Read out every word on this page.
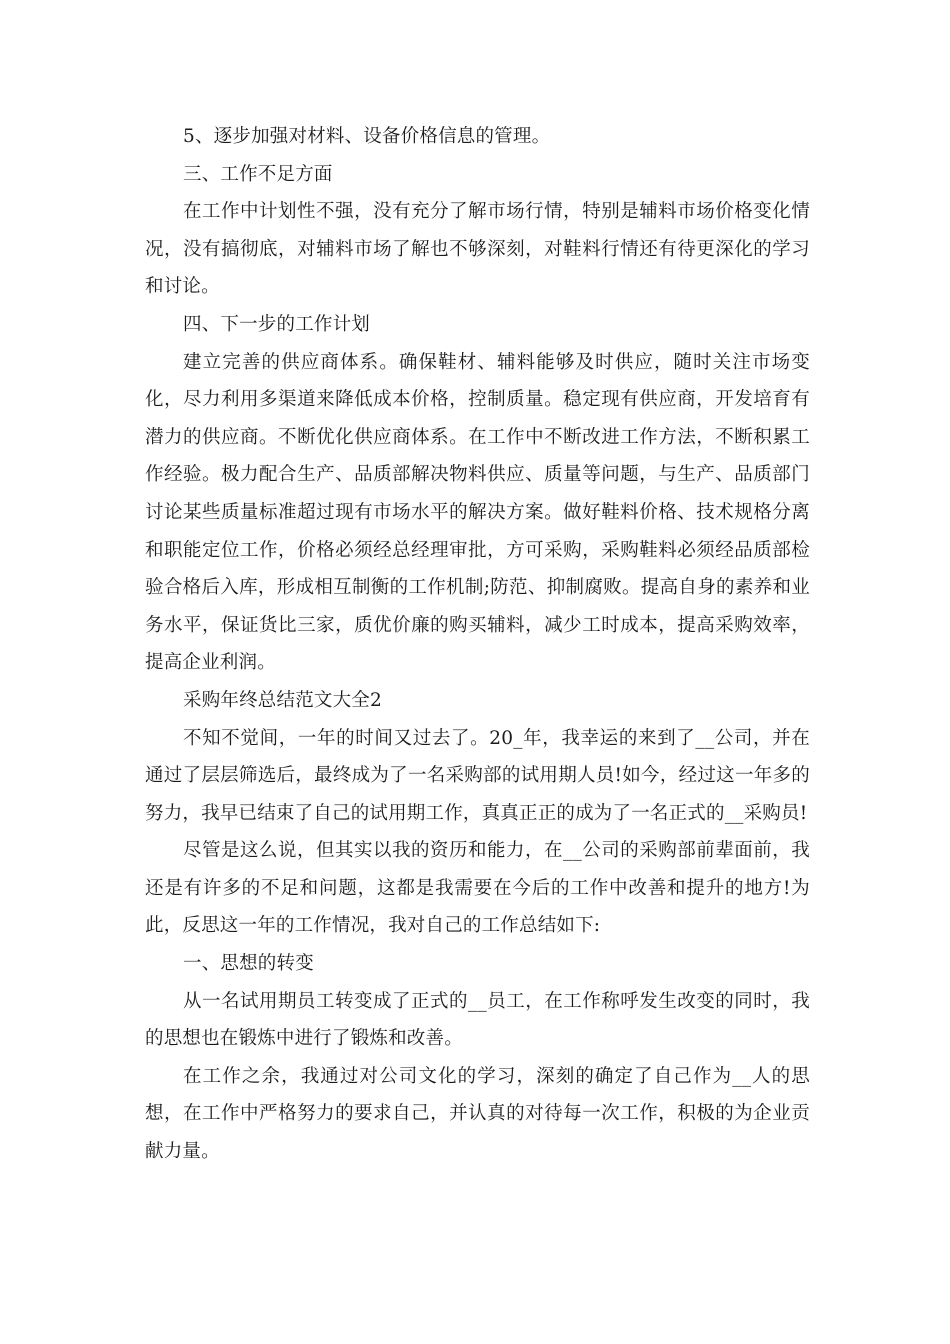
5、逐步加强对材料、设备价格信息的管理。

三、工作不足方面

在工作中计划性不强，没有充分了解市场行情，特别是辅料市场价格变化情况，没有搞彻底，对辅料市场了解也不够深刻，对鞋料行情还有待更深化的学习和讨论。

四、下一步的工作计划

建立完善的供应商体系。确保鞋材、辅料能够及时供应，随时关注市场变化，尽力利用多渠道来降低成本价格，控制质量。稳定现有供应商，开发培育有潜力的供应商。不断优化供应商体系。在工作中不断改进工作方法，不断积累工作经验。极力配合生产、品质部解决物料供应、质量等问题，与生产、品质部门讨论某些质量标准超过现有市场水平的解决方案。做好鞋料价格、技术规格分离和职能定位工作，价格必须经总经理审批，方可采购，采购鞋料必须经品质部检验合格后入库，形成相互制衡的工作机制;防范、抑制腐败。提高自身的素养和业务水平，保证货比三家，质优价廉的购买辅料，减少工时成本，提高采购效率，提高企业利润。

采购年终总结范文大全2

不知不觉间，一年的时间又过去了。20_年，我幸运的来到了__公司，并在通过了层层筛选后，最终成为了一名采购部的试用期人员!如今，经过这一年多的努力，我早已结束了自己的试用期工作，真真正正的成为了一名正式的__采购员!

尽管是这么说，但其实以我的资历和能力，在__公司的采购部前辈面前，我还是有许多的不足和问题，这都是我需要在今后的工作中改善和提升的地方!为此，反思这一年的工作情况，我对自己的工作总结如下:

一、思想的转变

从一名试用期员工转变成了正式的__员工，在工作称呼发生改变的同时，我的思想也在锻炼中进行了锻炼和改善。

在工作之余，我通过对公司文化的学习，深刻的确定了自己作为__人的思想，在工作中严格努力的要求自己，并认真的对待每一次工作，积极的为企业贡献力量。
